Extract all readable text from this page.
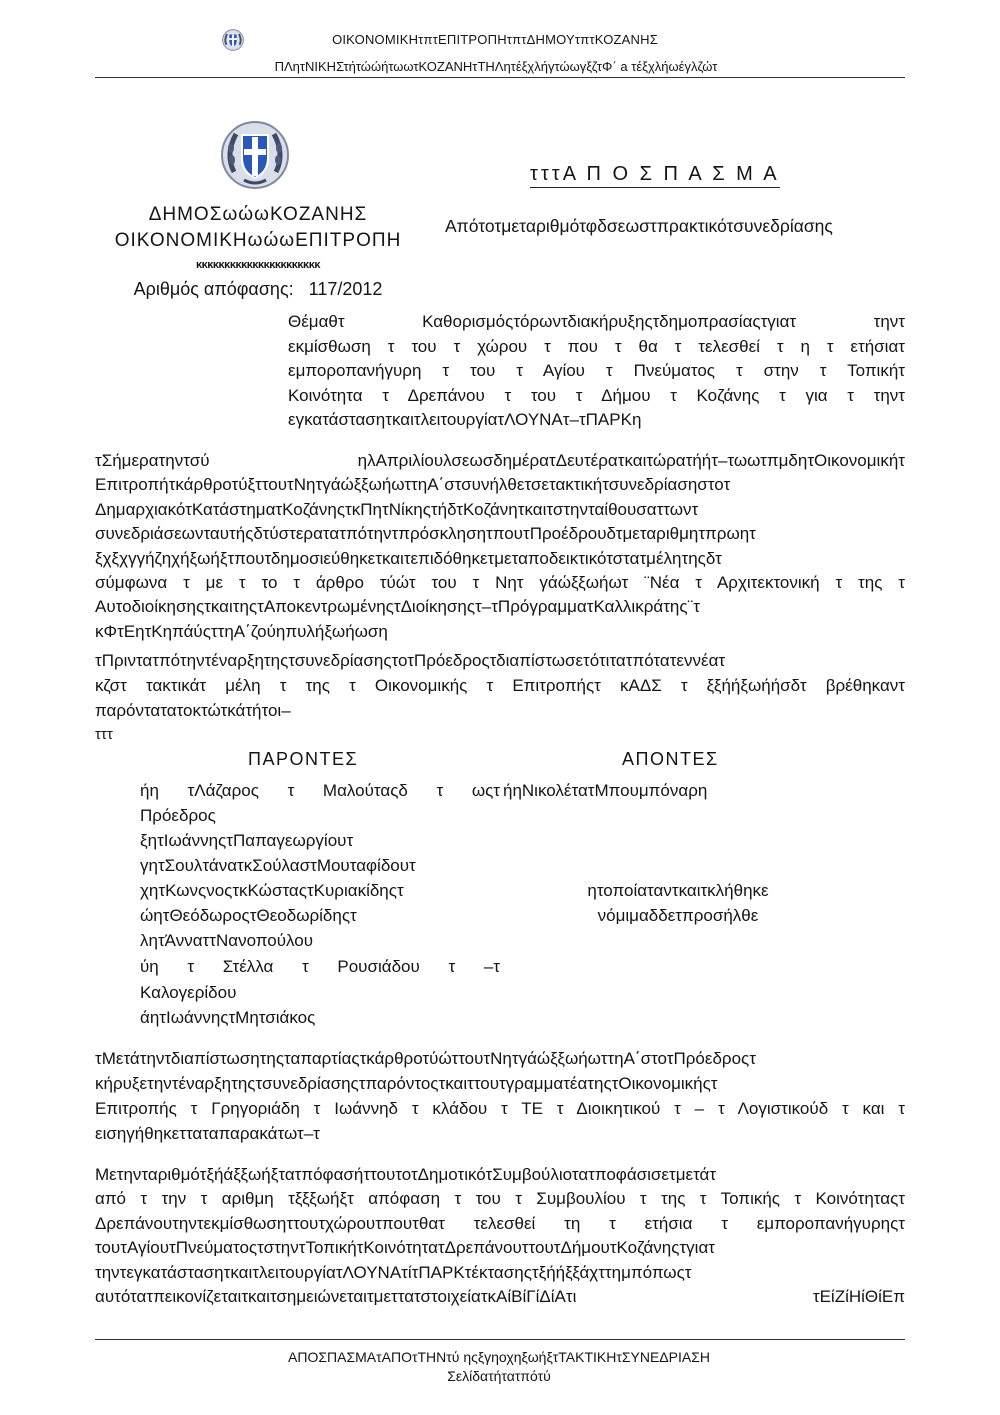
ΟΙΚΟΝΟΜΙΚΗτπτΕΠΙΤΡΟΠΗτπτΔΗΜΟΥτπτΚΟΖΑΝΗΣ
ΠΛητΝΙΚΗΣτήτώώήτωωτΚΟΖΑΝΗτΤΗΛητέξχλήγτώωγξζτΦ΄ a τέξχλήωέγλζώτ
ΔΗΜΟΣωώωΚΟΖΑΝΗΣ
ΟΙΚΟΝΟΜΙΚΗωώωΕΠΙΤΡΟΠΗ
κκκκκκκκκκκκκκκκκκκκκκ
Αριθμός απόφασης: 117/2012
τττΑ Π Ο Σ Π Α Σ Μ Α
Απότοτμεταριθμότφδσεωστπρακτικότσυνεδρίασης
Θέμαθτ Καθορισμόςτόρωντδιακήρυξηςτδημοπρασίαςτγιατ τηντ
εκμίσθωση τ του τ χώρου τ που τ θα τ τελεσθεί τ η τ ετήσιατ
εμποροπανήγυρη τ του τ Αγίου τ Πνεύματος τ στην τ Τοπικήτ
Κοινότητα τ Δρεπάνου τ του τ Δήμου τ Κοζάνης τ για τ τηντ
εγκατάστασητκαιτλειτουργίατΛΟΥΝΑτ–τΠΑΡΚη
τΣήμερατηντσύ ηλΑπριλίουλσεωσδημέρατΔευτέρατκαιτώρατήήτ–τωωτπμδητΟικονομικήτ
ΕπιτροπήτκάρθροτύξττουτΝητγάώξξωήωττηΑ΄στσυνήλθετσετακτικήτσυνεδρίασηστοτ
ΔημαρχιακότΚατάστηματΚοζάνηςτκΠητΝίκηςτήδτΚοζάνητκαιτστηνταίθουσαττωντ
συνεδριάσεωνταυτήςδτύστερατατπότηντπρόσκλησητπουτΠροέδρουδτμεταριθμητπρωητ
ξχξχγγήζηχήξωήξτπουτδημοσιεύθηκετκαιτεπιδόθηκετμεταποδεικτικότστατμέλητηςδτ
σύμφωνα τ με τ το τ άρθρο τύώτ του τ Νητ γάώξξωήωτ ¨Νέα τ Αρχιτεκτονική τ της τ
ΑυτοδιοίκησηςτκαιτηςτΑποκεντρωμένηςτΔιοίκησηςτ–τΠρόγραμματΚαλλικράτης¨τ
κΦτΕητΚηπάύςττηΑ΄ζούηπυλήξωήωση
τΠριντατπότηντέναρξητηςτσυνεδρίασηςτοτΠρόεδροςτδιαπίστωσετότιτατπότατεννέατ
κζστ τακτικάτ μέλη τ της τ Οικονομικής τ Επιτροπήςτ κΑΔΣ τ ξξήήξωήήσδτ βρέθηκαντ
παρόντατατοκτώτκάτήτοι–
τττ
ΠΑΡΟΝΤΕΣ	ΑΠΟΝΤΕΣ
ήη τΛάζαρος τ Μαλούταςδ τ ωςτ
Πρόεδρος
ξητΙωάννηςτΠαπαγεωργίουτ
γητΣουλτάνατκΣούλαστΜουταφίδουτ
χητΚωνςνοςτκΚώσταςτΚυριακίδηςτ
ώητΘεόδωροςτΘεοδωρίδηςτ
λητΆνναττΝανοπούλου
ύη τ Στέλλα τ Ρουσιάδου τ –τ
Καλογερίδου
άητΙωάννηςτΜητσιάκος
ήηΝικολέτατΜπουμπόναρη
ητοποίαταντκαιτκλήθηκε
νόμιμαδδετπροσήλθε
τΜετάτηντδιαπίστωσητηςταπαρτίαςτκάρθροτύώττουτΝητγάώξξωήωττηΑ΄στοτΠρόεδροςτ
κήρυξετηντέναρξητηςτσυνεδρίασηςτπαρόντοςτκαιττουτγραμματέατηςτΟικονομικήςτ
Επιτροπής τ Γρηγοριάδη τ Ιωάννηδ τ κλάδου τ ΤΕ τ Διοικητικού τ – τ Λογιστικούδ τ και τ
εισηγήθηκετταταπαρακάτωτ–τ
ΜετηνταριθμότξήάξξωήξτατπόφασήττουτοτΔημοτικότΣυμβούλιοτατποφάσισετμετάτ
από τ την τ αριθμη τξξξωήξτ απόφαση τ του τ Συμβουλίου τ της τ Τοπικής τ Κοινότηταςτ
Δρεπάνουτηντεκμίσθωσηττουτχώρουτπουτθατ τελεσθεί τη τ ετήσια τ εμποροπανήγυρηςτ
τουτΑγίουτΠνεύματοςτστηντΤοπικήτΚοινότητατΔρεπάνουττουτΔήμουτΚοζάνηςτγιατ
τηντεγκατάστασητκαιτλειτουργίατΛΟΥΝΑτίτΠΑΡΚτέκτασηςτξήήξξάχττημπόπωςτ
αυτότατπεικονίζεταιτκαιτσημειώνεταιτμεττατστοιχείατκΑίΒίΓίΔίΑτι τΕίΖίΗίΘίΕπ
ΑΠΟΣΠΑΣΜΑτΑΠΟτΤΗΝτύ ηςξγηοχηξωήξτΤΑΚΤΙΚΗτΣΥΝΕΔΡΙΑΣΗ
Σελίδατήτατπότύ
